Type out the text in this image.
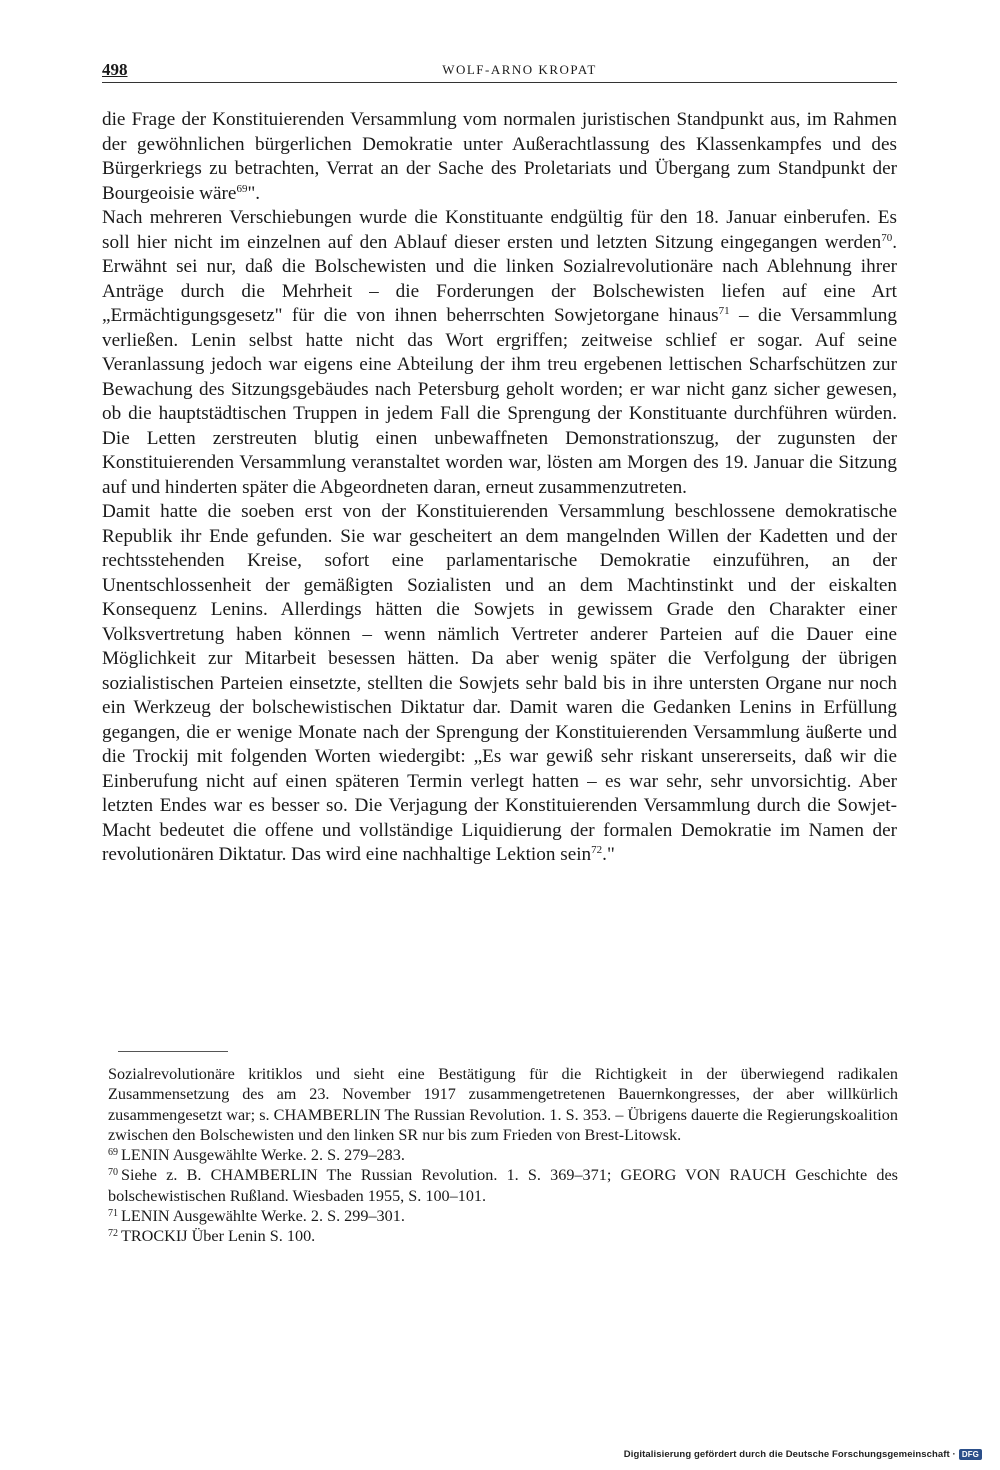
498	WOLF-ARNO KROPAT

die Frage der Konstituierenden Versammlung vom normalen juristischen Standpunkt aus, im Rahmen der gewöhnlichen bürgerlichen Demokratie unter Außerachtlassung des Klassenkampfes und des Bürgerkriegs zu betrachten, Verrat an der Sache des Proletariats und Übergang zum Standpunkt der Bourgeoisie wäre$^{69}$".

Nach mehreren Verschiebungen wurde die Konstituante endgültig für den 18. Januar einberufen. Es soll hier nicht im einzelnen auf den Ablauf dieser ersten und letzten Sitzung eingegangen werden$^{70}$. Erwähnt sei nur, daß die Bolschewisten und die linken Sozialrevolutionäre nach Ablehnung ihrer Anträge durch die Mehrheit – die Forderungen der Bolschewisten liefen auf eine Art „Ermächtigungsgesetz" für die von ihnen beherrschten Sowjetorgane hinaus$^{71}$ – die Versammlung verließen. Lenin selbst hatte nicht das Wort ergriffen; zeitweise schlief er sogar. Auf seine Veranlassung jedoch war eigens eine Abteilung der ihm treu ergebenen lettischen Scharfschützen zur Bewachung des Sitzungsgebäudes nach Petersburg geholt worden; er war nicht ganz sicher gewesen, ob die hauptstädtischen Truppen in jedem Fall die Sprengung der Konstituante durchführen würden. Die Letten zerstreuten blutig einen unbewaffneten Demonstrationszug, der zugunsten der Konstituierenden Versammlung veranstaltet worden war, lösten am Morgen des 19. Januar die Sitzung auf und hinderten später die Abgeordneten daran, erneut zusammenzutreten.

Damit hatte die soeben erst von der Konstituierenden Versammlung beschlossene demokratische Republik ihr Ende gefunden. Sie war gescheitert an dem mangelnden Willen der Kadetten und der rechtsstehenden Kreise, sofort eine parlamentarische Demokratie einzuführen, an der Unentschlossenheit der gemäßigten Sozialisten und an dem Machtinstinkt und der eiskalten Konsequenz Lenins. Allerdings hätten die Sowjets in gewissem Grade den Charakter einer Volksvertretung haben können – wenn nämlich Vertreter anderer Parteien auf die Dauer eine Möglichkeit zur Mitarbeit besessen hätten. Da aber wenig später die Verfolgung der übrigen sozialistischen Parteien einsetzte, stellten die Sowjets sehr bald bis in ihre untersten Organe nur noch ein Werkzeug der bolschewistischen Diktatur dar. Damit waren die Gedanken Lenins in Erfüllung gegangen, die er wenige Monate nach der Sprengung der Konstituierenden Versammlung äußerte und die Trockij mit folgenden Worten wiedergibt: „Es war gewiß sehr riskant unsererseits, daß wir die Einberufung nicht auf einen späteren Termin verlegt hatten – es war sehr, sehr unvorsichtig. Aber letzten Endes war es besser so. Die Verjagung der Konstituierenden Versammlung durch die Sowjet-Macht bedeutet die offene und vollständige Liquidierung der formalen Demokratie im Namen der revolutionären Diktatur. Das wird eine nachhaltige Lektion sein$^{72}$."

Sozialrevolutionäre kritiklos und sieht eine Bestätigung für die Richtigkeit in der überwiegend radikalen Zusammensetzung des am 23. November 1917 zusammengetretenen Bauernkongresses, der aber willkürlich zusammengesetzt war; s. CHAMBERLIN The Russian Revolution. 1. S. 353. – Übrigens dauerte die Regierungskoalition zwischen den Bolschewisten und den linken SR nur bis zum Frieden von Brest-Litowsk.

$^{69}$ LENIN Ausgewählte Werke. 2. S. 279–283.

$^{70}$ Siehe z. B. CHAMBERLIN The Russian Revolution. 1. S. 369–371; GEORG VON RAUCH Geschichte des bolschewistischen Rußland. Wiesbaden 1955, S. 100–101.

$^{71}$ LENIN Ausgewählte Werke. 2. S. 299–301.

$^{72}$ TROCKIJ Über Lenin S. 100.

Digitalisierung gefördert durch die Deutsche Forschungsgemeinschaft · DFG
